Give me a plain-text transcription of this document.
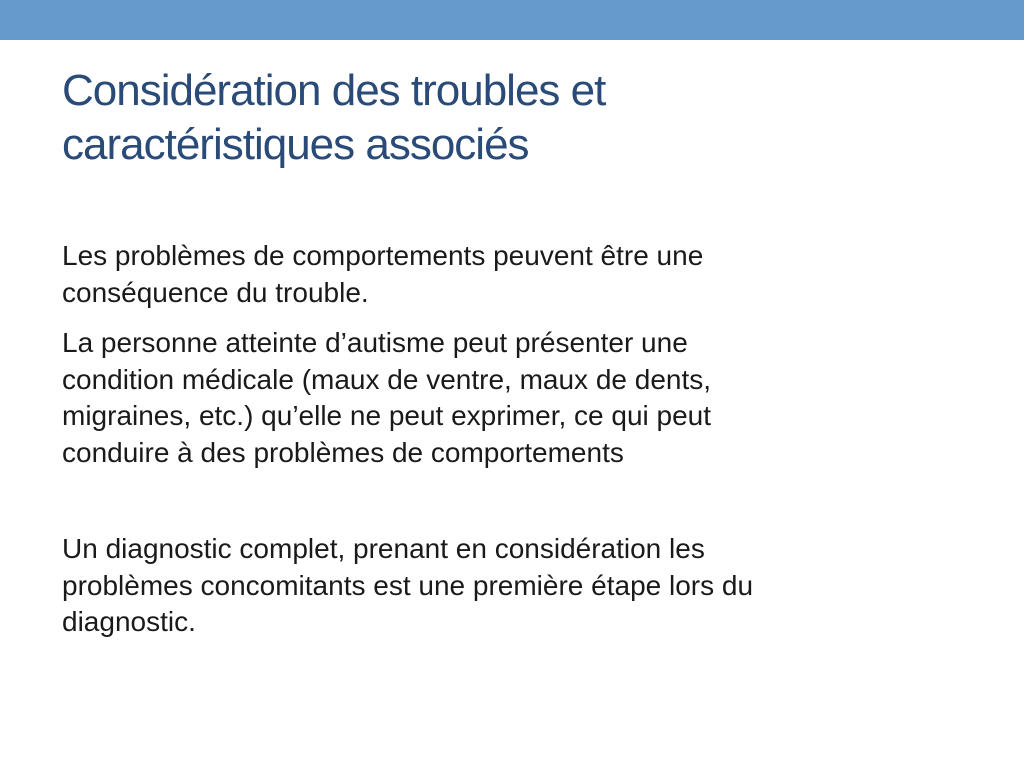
Considération des troubles et
caractéristiques associés

Les problèmes de comportements peuvent être une
conséquence du trouble.

La personne atteinte d’autisme peut présenter une
condition médicale (maux de ventre, maux de dents,
migraines, etc.) qu’elle ne peut exprimer, ce qui peut
conduire à des problèmes de comportements

Un diagnostic complet, prenant en considération les
problèmes concomitants est une première étape lors du
diagnostic.
